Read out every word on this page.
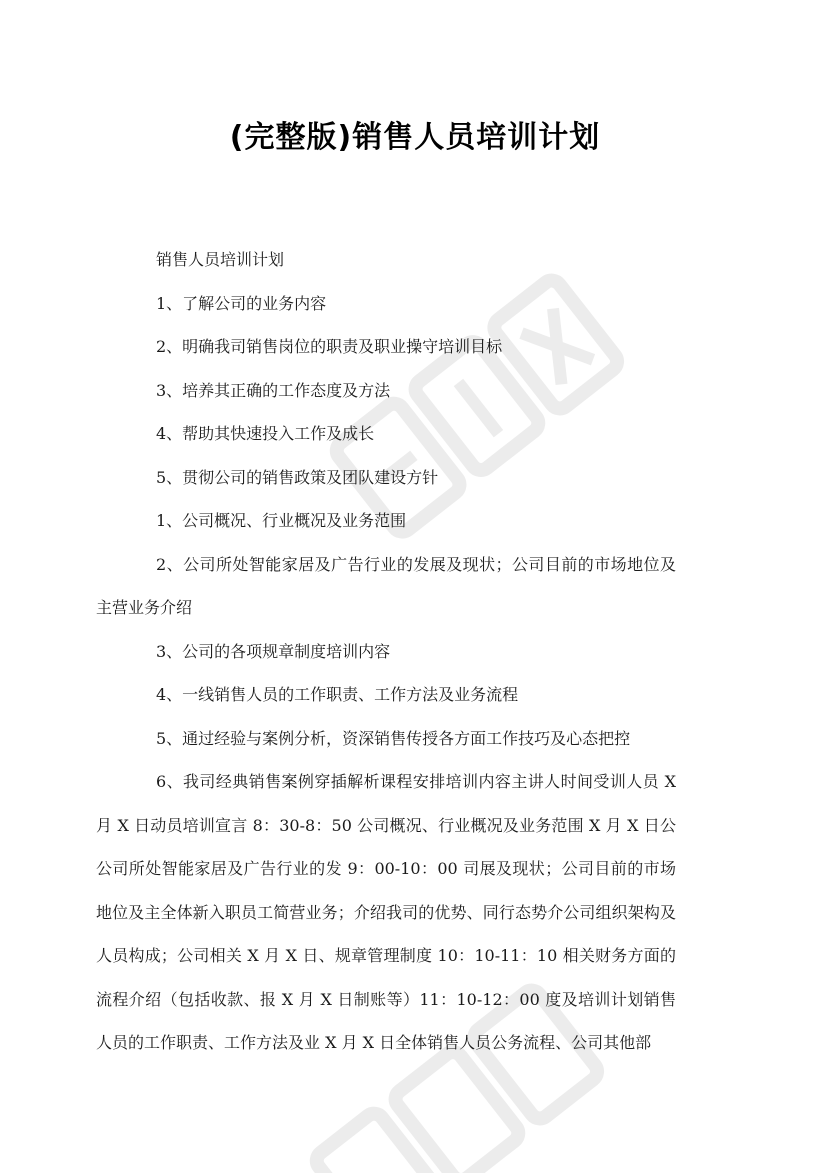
(完整版)销售人员培训计划

销售人员培训计划

1、了解公司的业务内容

2、明确我司销售岗位的职责及职业操守培训目标

3、培养其正确的工作态度及方法

4、帮助其快速投入工作及成长

5、贯彻公司的销售政策及团队建设方针

1、公司概况、行业概况及业务范围

2、公司所处智能家居及广告行业的发展及现状；公司目前的市场地位及主营业务介绍

3、公司的各项规章制度培训内容

4、一线销售人员的工作职责、工作方法及业务流程

5、通过经验与案例分析，资深销售传授各方面工作技巧及心态把控

6、我司经典销售案例穿插解析课程安排培训内容主讲人时间受训人员 X 月 X 日动员培训宣言 8：30-8：50 公司概况、行业概况及业务范围 X 月 X 日公公司所处智能家居及广告行业的发 9：00-10：00 司展及现状；公司目前的市场地位及主全体新入职员工简营业务；介绍我司的优势、同行态势介公司组织架构及人员构成；公司相关 X 月 X 日、规章管理制度 10：10-11：10 相关财务方面的流程介绍（包括收款、报 X 月 X 日制账等）11：10-12：00 度及培训计划销售人员的工作职责、工作方法及业 X 月 X 日全体销售人员公务流程、公司其他部
